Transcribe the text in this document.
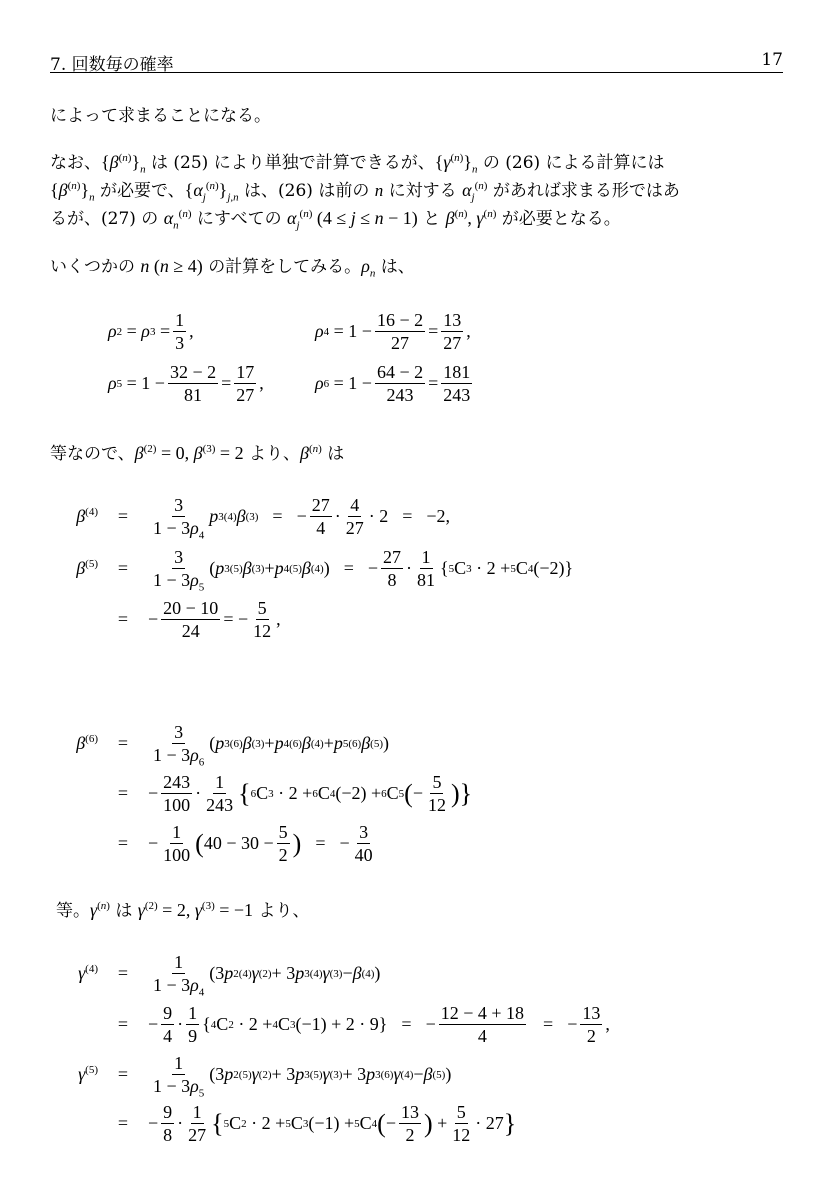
7. 回数毎の確率	17
によって求まることになる。
なお、$\{\beta^{(n)}\}_n$ は (25) により単独で計算できるが、$\{\gamma^{(n)}\}_n$ の (26) による計算には
$\{\beta^{(n)}\}_n$ が必要で、$\{\alpha_j^{(n)}\}_{j,n}$ は、(26) は前の n に対する $\alpha_j^{(n)}$ があれば求まる形ではあ
るが、(27) の $\alpha_n^{(n)}$ にすべての $\alpha_j^{(n)}$ (4 ≤ j ≤ n − 1) と $\beta^{(n)}$, $\gamma^{(n)}$ が必要となる。
いくつかの n (n ≥ 4) の計算をしてみる。$\rho_n$ は、
ρ 2 = ρ $3 = \frac{1}{3}$ ,	ρ $4 = 1 - \frac{16 - 2}{27} = \frac{13}{27}$ ,
ρ $5 = 1 - \frac{32 - 2}{81} = \frac{17}{27}$ ,	ρ $6 = 1 - \frac{64 - 2}{243} = \frac{181}{243}$
等なので、$\beta^{(2)} = 0$, $\beta^{(3)} = 2$ より、$\beta^{(n)}$ は
$\beta^{(4)}$	=	$\frac{3}{1 - 3\rho_4}$ p 3 (4) β (3) = − $\frac{27}{4} \cdot \frac{4}{27} \cdot 2$
= −2,
$\beta^{(5)}$	=	$\frac{3}{1 - 3\rho_5}$ ( p 3 (5) β (3) + p 4 (5) β (4) )
= − $\frac{27}{8} \cdot \frac{1}{81}$ { 5 C 3 · 2 + 5 C 4 (−2)}
=	− $\frac{20 - 10}{24}$ = − $\frac{5}{12}$ ,
$\beta^{(6)}$	=	$\frac{3}{1 - 3\rho_6}$ ( p 3 (6) β (3) + p 4 (6) β (4) + p 5 (6) β (5) )
=	− $\frac{243}{100} \cdot \frac{1}{243}$ { 6 C 3 · 2 + 6 C 4 (−2) + 6 C 5 ( − $\frac{5}{12}$ )}
=	− $\frac{1}{100}$ ( $40 - 30 - \frac{5}{2}$ ) = − $\frac{3}{40}$
等。$\gamma^{(n)}$ は $\gamma^{(2)} = 2$, $\gamma^{(3)} = -1$ より、
$\gamma^{(4)}$	=	$\frac{1}{1 - 3\rho_4} (3$ p 2 (4) γ (2) + 3 p 3 (4) γ (3) − β (4) )
=	− $\frac{9}{4} \cdot \frac{1}{9}$ { 4 C 2 · 2 + 4 C 3 (−1) + 2 · 9}
= − $\frac{12 - 4 + 18}{4}$ = − $\frac{13}{2}$ ,
$\gamma^{(5)}$	=	$\frac{1}{1 - 3\rho_5} (3$ p 2 (5) γ (2) + 3 p 3 (5) γ (3) + 3 p 3 (6) γ (4) − β (5) )
=	− $\frac{9}{8} \cdot \frac{1}{27}$ { 5 C 2 · 2 + 5 C 3 (−1) + 5 C 4 ( − $\frac{13}{2}$ ) + $\frac{5}{12} \cdot 27$ }
